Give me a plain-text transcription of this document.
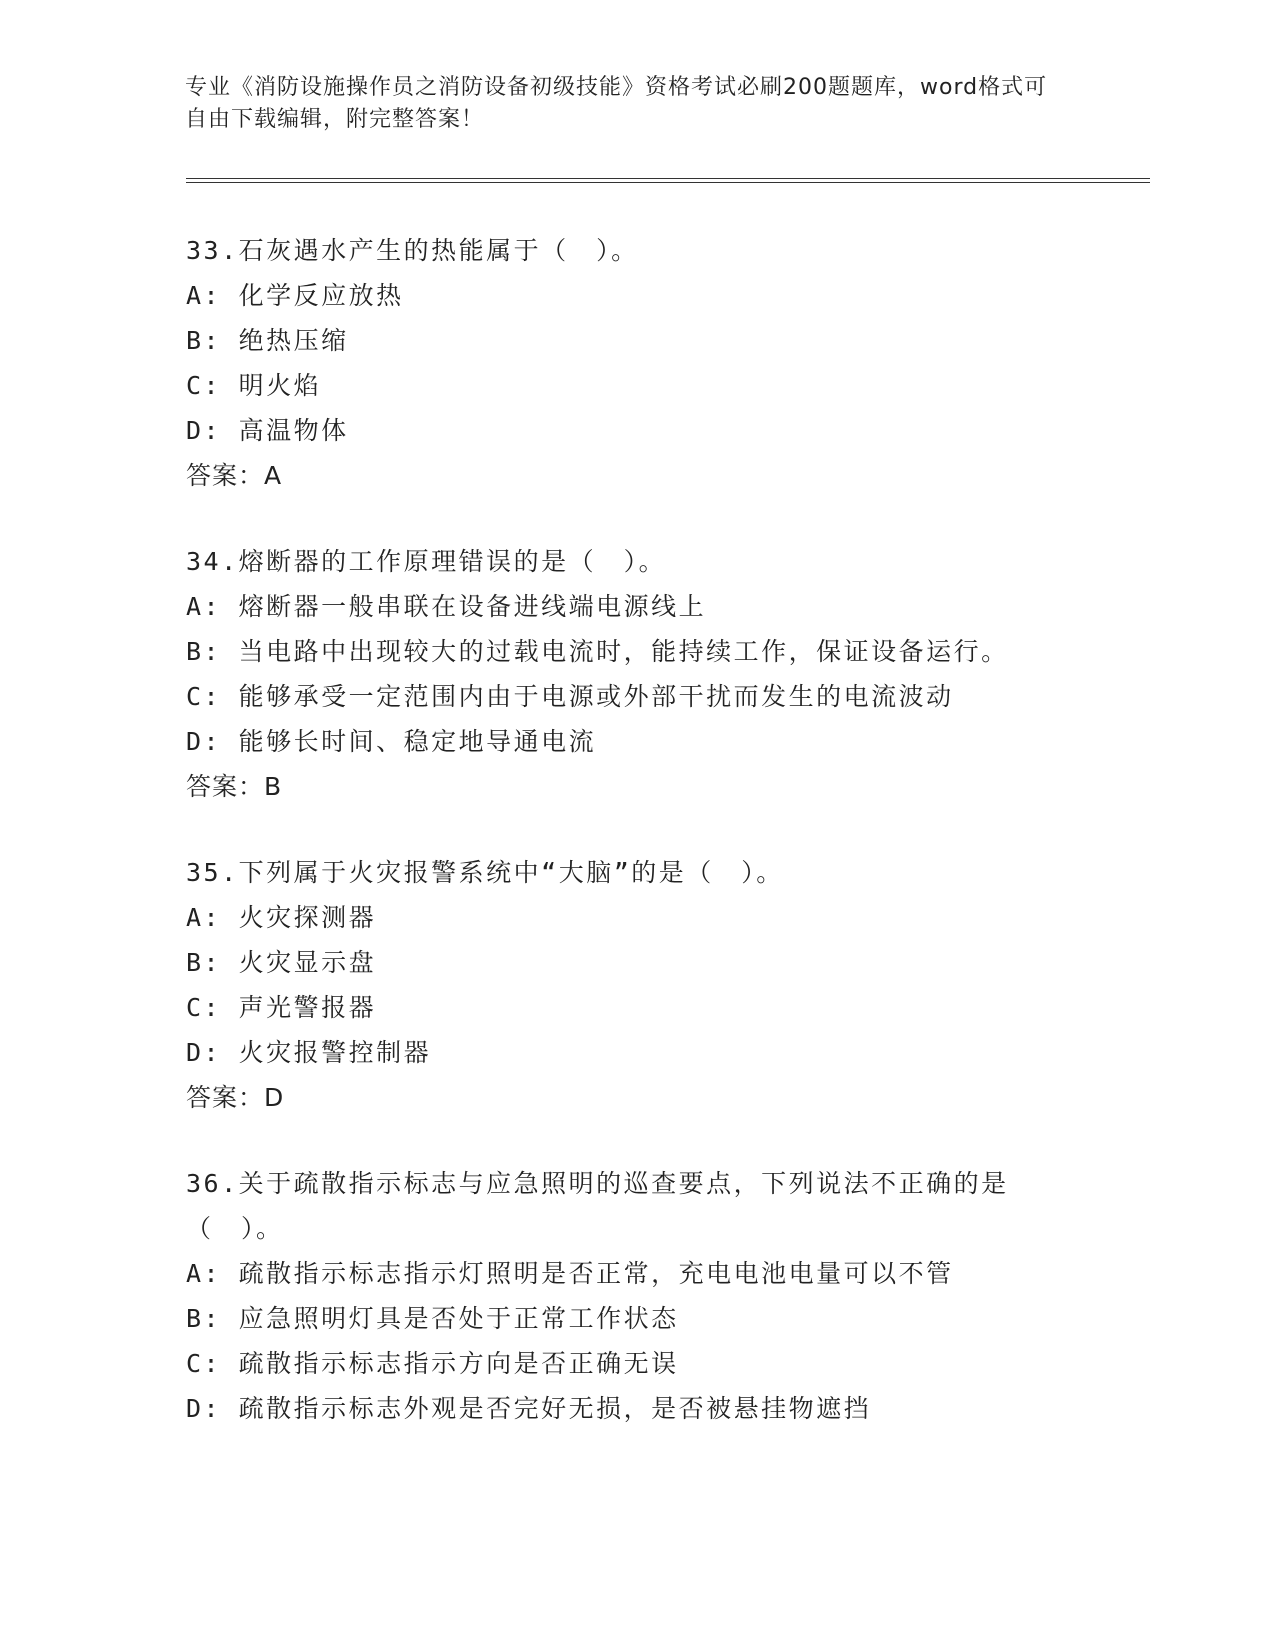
专业《消防设施操作员之消防设备初级技能》资格考试必刷200题题库，word格式可自由下载编辑，附完整答案！
33.石灰遇水产生的热能属于（　）。
A: 化学反应放热
B: 绝热压缩
C: 明火焰
D: 高温物体
答案：A
34.熔断器的工作原理错误的是（　）。
A: 熔断器一般串联在设备进线端电源线上
B: 当电路中出现较大的过载电流时，能持续工作，保证设备运行。
C: 能够承受一定范围内由于电源或外部干扰而发生的电流波动
D: 能够长时间、稳定地导通电流
答案：B
35.下列属于火灾报警系统中“大脑”的是（　）。
A: 火灾探测器
B: 火灾显示盘
C: 声光警报器
D: 火灾报警控制器
答案：D
36.关于疏散指示标志与应急照明的巡查要点，下列说法不正确的是（　）。
A: 疏散指示标志指示灯照明是否正常，充电电池电量可以不管
B: 应急照明灯具是否处于正常工作状态
C: 疏散指示标志指示方向是否正确无误
D: 疏散指示标志外观是否完好无损，是否被悬挂物遮挡
